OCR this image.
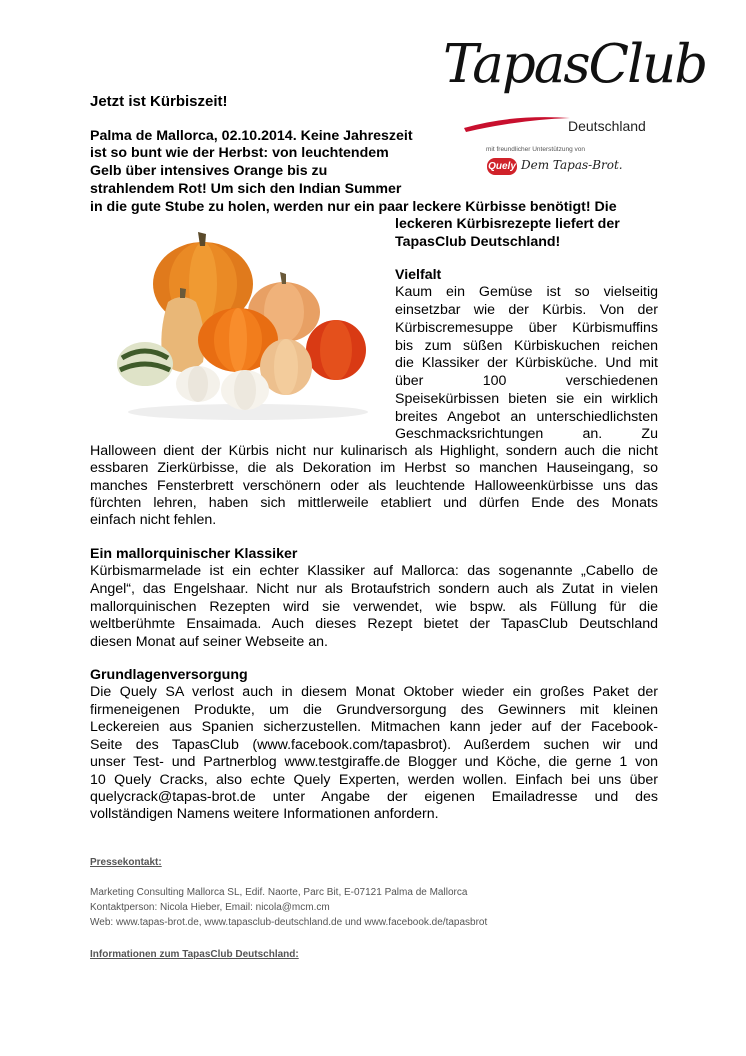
TapasClub
Deutschland
mit freundlicher Unterstützung von
Quely Dem Tapas-Brot.
Jetzt ist Kürbiszeit!
Palma de Mallorca, 02.10.2014. Keine Jahreszeit
ist so bunt wie der Herbst: von leuchtendem
Gelb über intensives Orange bis zu
strahlendem Rot! Um sich den Indian Summer
in die gute Stube zu holen, werden nur ein paar leckere Kürbisse benötigt! Die
leckeren Kürbisrezepte liefert der
TapasClub Deutschland!
Vielfalt
Kaum ein Gemüse ist so vielseitig
einsetzbar wie der Kürbis. Von der
Kürbiscremesuppe über Kürbismuffins
bis zum süßen Kürbiskuchen reichen
die Klassiker der Kürbisküche. Und mit
über 100 verschiedenen
Speisekürbissen bieten sie ein wirklich
breites Angebot an unterschiedlichsten
Geschmacksrichtungen an. Zu
Halloween dient der Kürbis nicht nur kulinarisch als Highlight, sondern auch die nicht
essbaren Zierkürbisse, die als Dekoration im Herbst so manchen Hauseingang, so
manches Fensterbrett verschönern oder als leuchtende Halloweenkürbisse uns das
fürchten lehren, haben sich mittlerweile etabliert und dürfen Ende des Monats
einfach nicht fehlen.
Ein mallorquinischer Klassiker
Kürbismarmelade ist ein echter Klassiker auf Mallorca: das sogenannte „Cabello de
Angel“, das Engelshaar. Nicht nur als Brotaufstrich sondern auch als Zutat in vielen
mallorquinischen Rezepten wird sie verwendet, wie bspw. als Füllung für die
weltberühmte Ensaimada. Auch dieses Rezept bietet der TapasClub Deutschland
diesen Monat auf seiner Webseite an.
Grundlagenversorgung
Die Quely SA verlost auch in diesem Monat Oktober wieder ein großes Paket der
firmeneigenen Produkte, um die Grundversorgung des Gewinners mit kleinen
Leckereien aus Spanien sicherzustellen. Mitmachen kann jeder auf der Facebook-
Seite des TapasClub (www.facebook.com/tapasbrot). Außerdem suchen wir und
unser Test- und Partnerblog www.testgiraffe.de Blogger und Köche, die gerne 1 von
10 Quely Cracks, also echte Quely Experten, werden wollen. Einfach bei uns über
quelycrack@tapas-brot.de unter Angabe der eigenen Emailadresse und des
vollständigen Namens weitere Informationen anfordern.
Pressekontakt:
Marketing Consulting Mallorca SL, Edif. Naorte, Parc Bit, E-07121 Palma de Mallorca
Kontaktperson: Nicola Hieber, Email: nicola@mcm.cm
Web: www.tapas-brot.de, www.tapasclub-deutschland.de und www.facebook.de/tapasbrot
Informationen zum TapasClub Deutschland:
